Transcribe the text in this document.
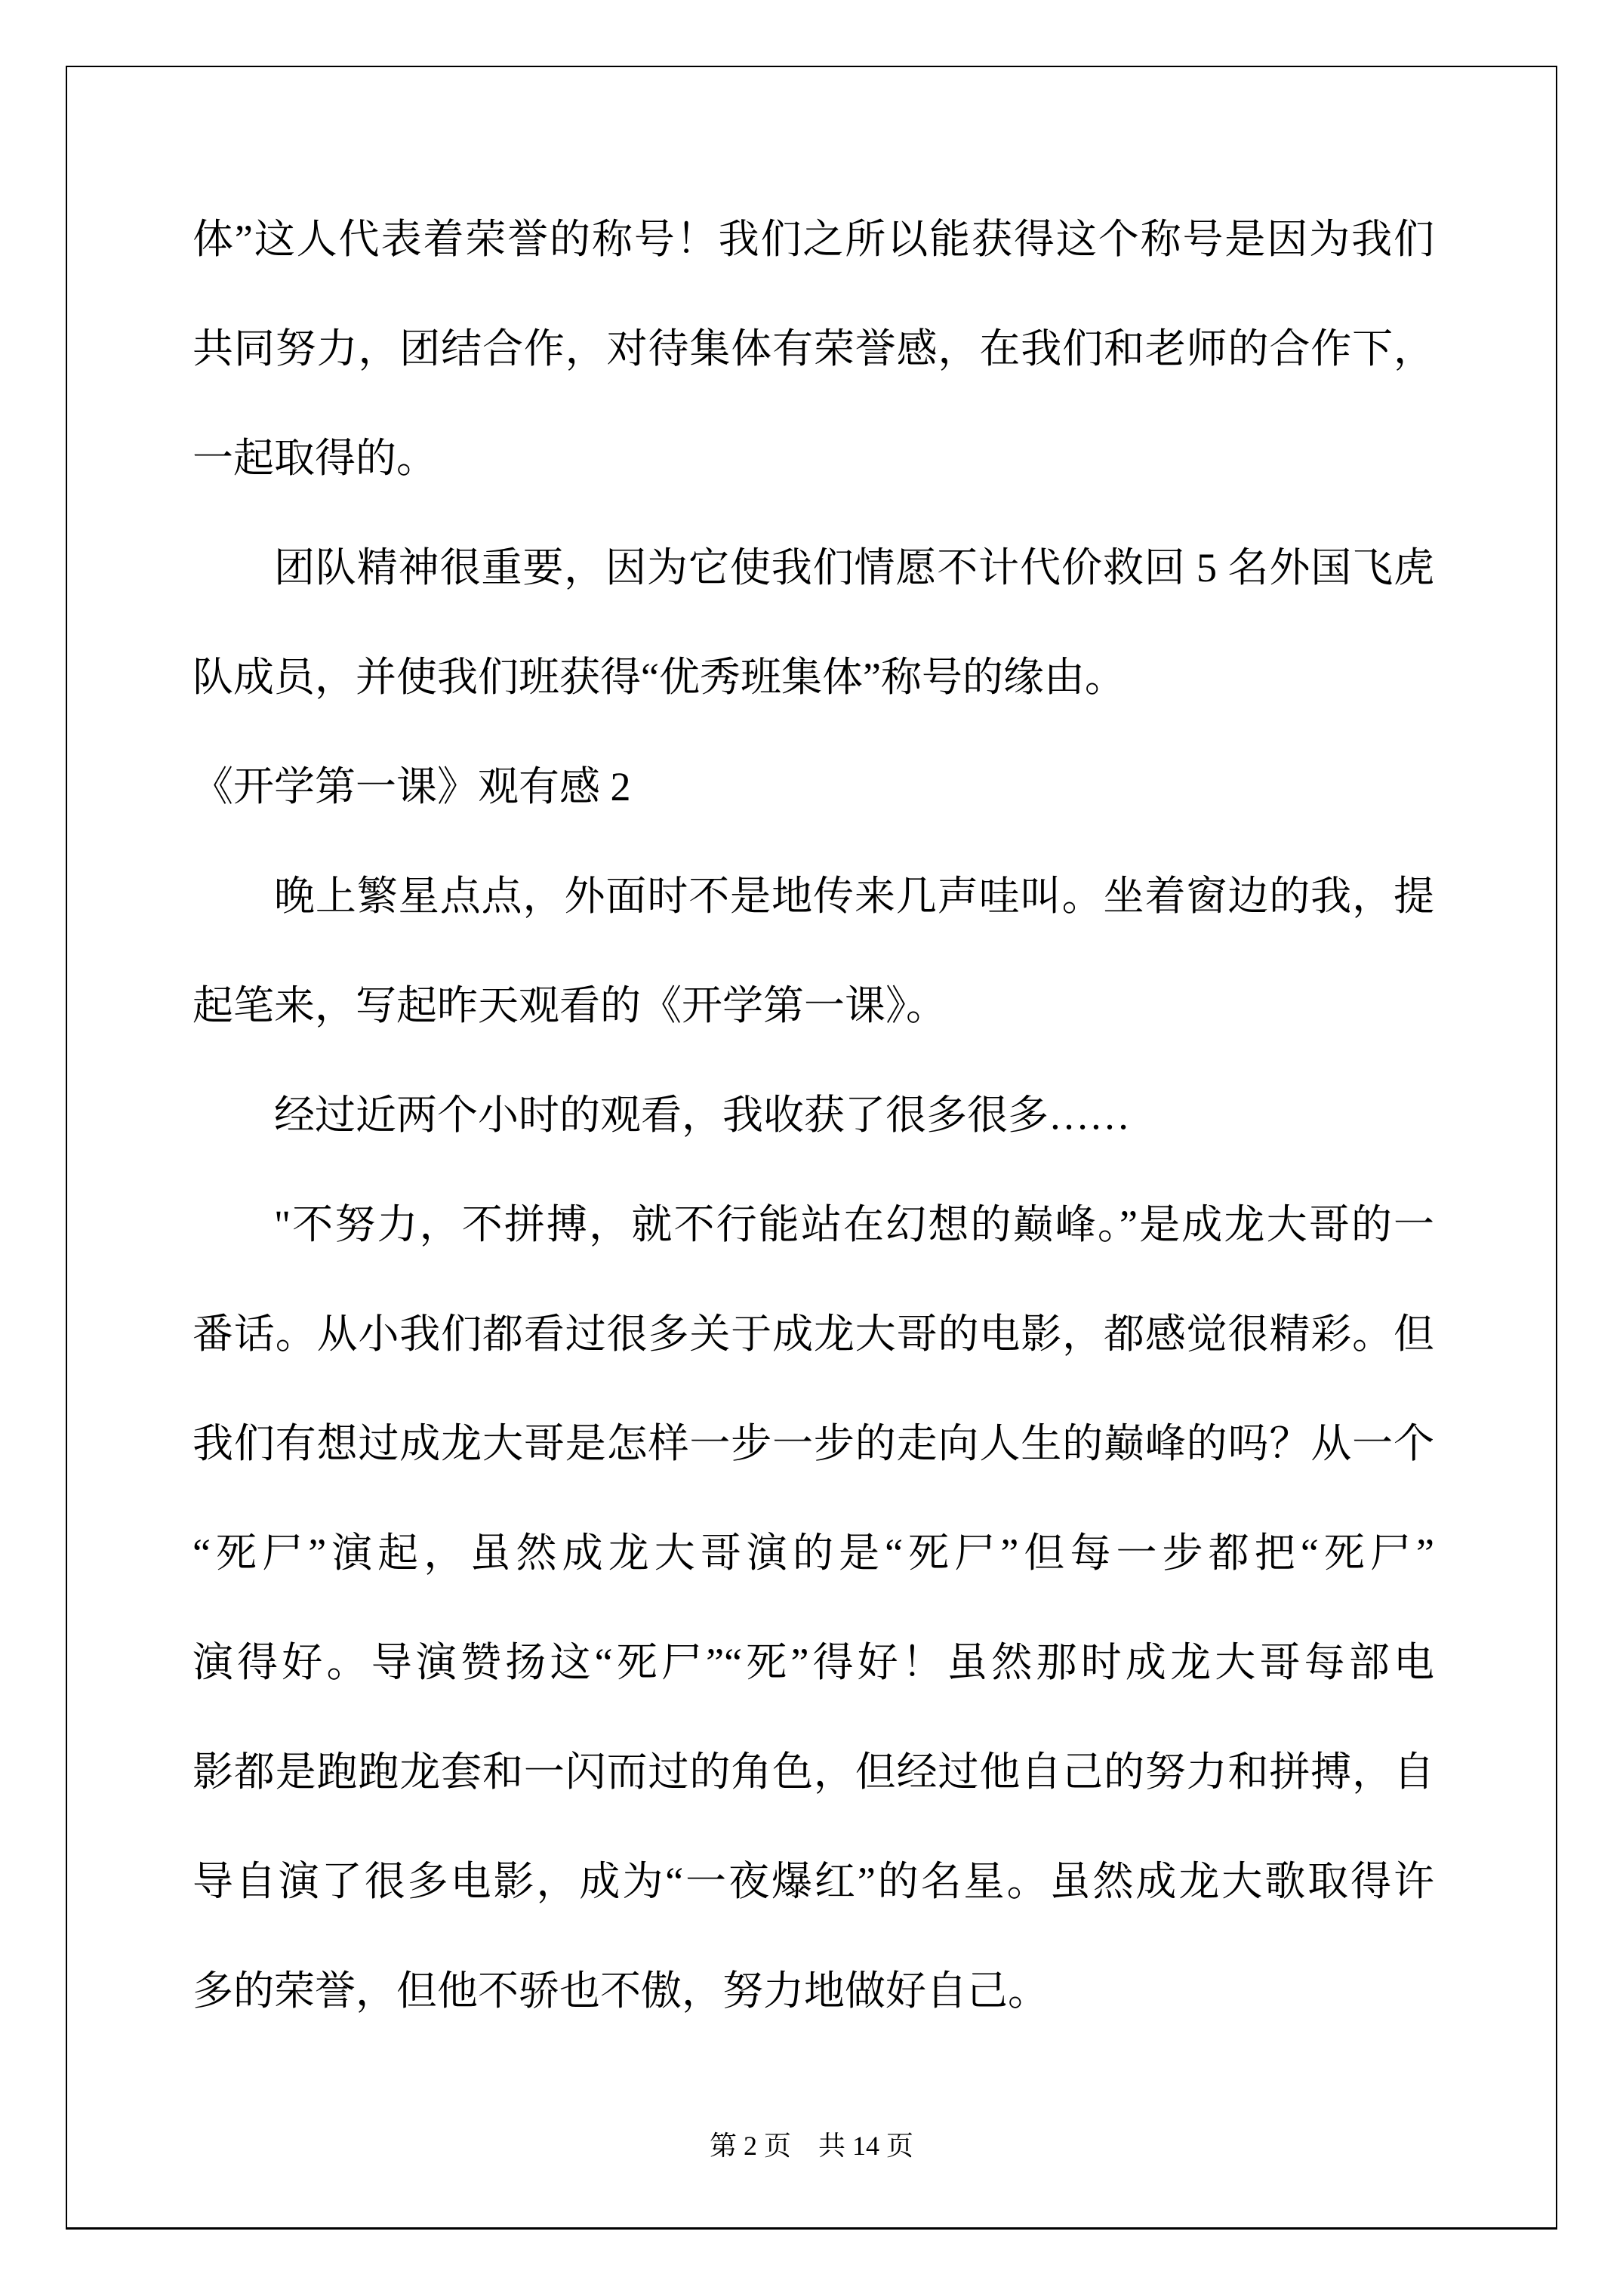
体”这人代表着荣誉的称号！我们之所以能获得这个称号是因为我们
共同努力，团结合作，对待集体有荣誉感，在我们和老师的合作下，
一起取得的。
团队精神很重要，因为它使我们情愿不计代价救回 5 名外国飞虎
队成员，并使我们班获得“优秀班集体”称号的缘由。
《开学第一课》观有感 2
晚上繁星点点，外面时不是地传来几声哇叫。坐着窗边的我，提
起笔来，写起昨天观看的《开学第一课》。
经过近两个小时的观看，我收获了很多很多……
"不努力，不拼搏，就不行能站在幻想的巅峰。”是成龙大哥的一
番话。从小我们都看过很多关于成龙大哥的电影，都感觉很精彩。但
我们有想过成龙大哥是怎样一步一步的走向人生的巅峰的吗？从一个
“死尸”演起，虽然成龙大哥演的是“死尸”但每一步都把“死尸”
演得好。导演赞扬这“死尸”“死”得好！虽然那时成龙大哥每部电
影都是跑跑龙套和一闪而过的角色，但经过他自己的努力和拼搏，自
导自演了很多电影，成为“一夜爆红”的名星。虽然成龙大歌取得许
多的荣誉，但他不骄也不傲，努力地做好自己。
第 2 页　共 14 页
